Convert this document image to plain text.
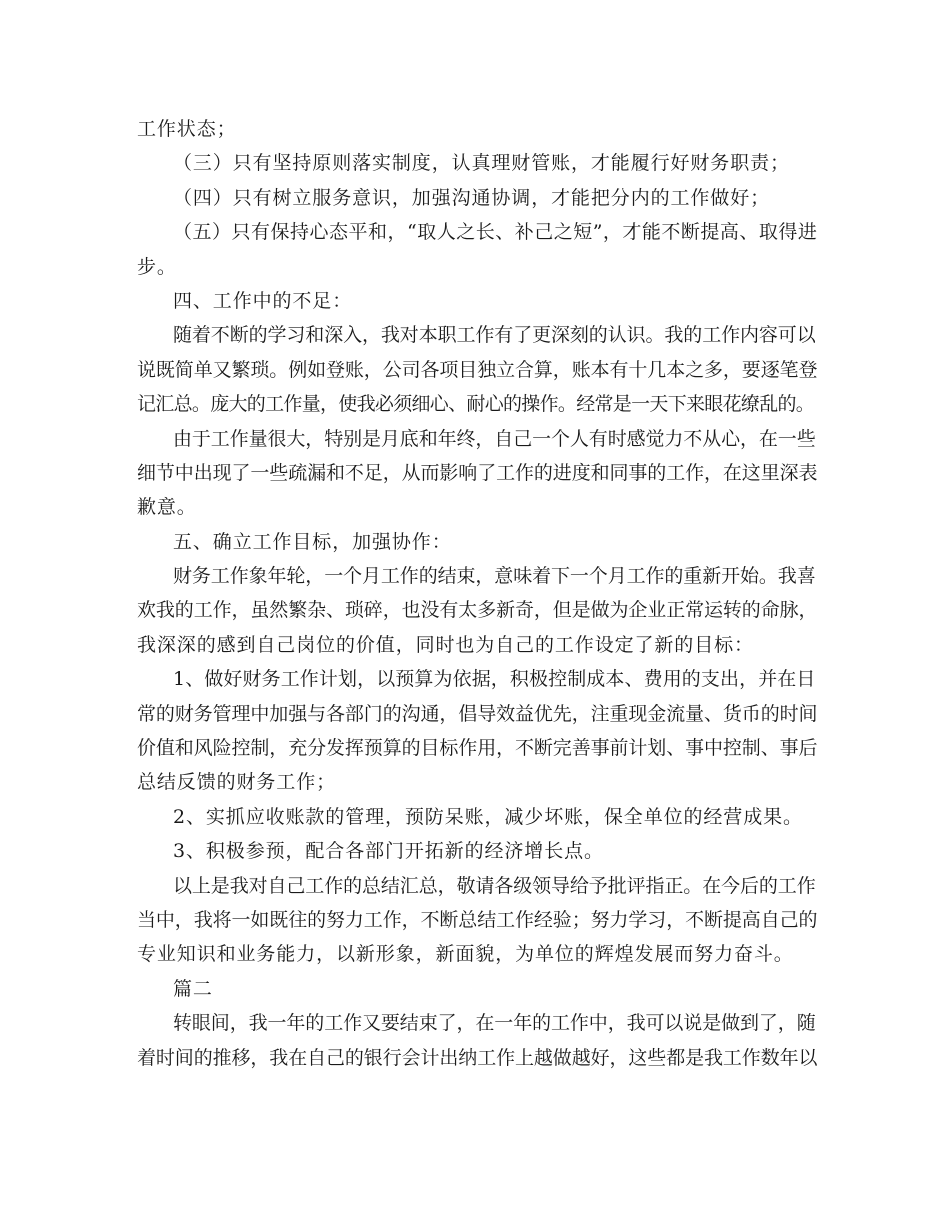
工作状态；
（三）只有坚持原则落实制度，认真理财管账，才能履行好财务职责；
（四）只有树立服务意识，加强沟通协调，才能把分内的工作做好；
（五）只有保持心态平和，“取人之长、补己之短”，才能不断提高、取得进
步。
四、工作中的不足：
随着不断的学习和深入，我对本职工作有了更深刻的认识。我的工作内容可以
说既简单又繁琐。例如登账，公司各项目独立合算，账本有十几本之多，要逐笔登
记汇总。庞大的工作量，使我必须细心、耐心的操作。经常是一天下来眼花缭乱的。
由于工作量很大，特别是月底和年终，自己一个人有时感觉力不从心，在一些
细节中出现了一些疏漏和不足，从而影响了工作的进度和同事的工作，在这里深表
歉意。
五、确立工作目标，加强协作：
财务工作象年轮，一个月工作的结束，意味着下一个月工作的重新开始。我喜
欢我的工作，虽然繁杂、琐碎，也没有太多新奇，但是做为企业正常运转的命脉，
我深深的感到自己岗位的价值，同时也为自己的工作设定了新的目标：
1、做好财务工作计划，以预算为依据，积极控制成本、费用的支出，并在日
常的财务管理中加强与各部门的沟通，倡导效益优先，注重现金流量、货币的时间
价值和风险控制，充分发挥预算的目标作用，不断完善事前计划、事中控制、事后
总结反馈的财务工作；
2、实抓应收账款的管理，预防呆账，减少坏账，保全单位的经营成果。
3、积极参预，配合各部门开拓新的经济增长点。
以上是我对自己工作的总结汇总，敬请各级领导给予批评指正。在今后的工作
当中，我将一如既往的努力工作，不断总结工作经验；努力学习，不断提高自己的
专业知识和业务能力，以新形象，新面貌，为单位的辉煌发展而努力奋斗。
篇二
转眼间，我一年的工作又要结束了，在一年的工作中，我可以说是做到了，随
着时间的推移，我在自己的银行会计出纳工作上越做越好，这些都是我工作数年以
